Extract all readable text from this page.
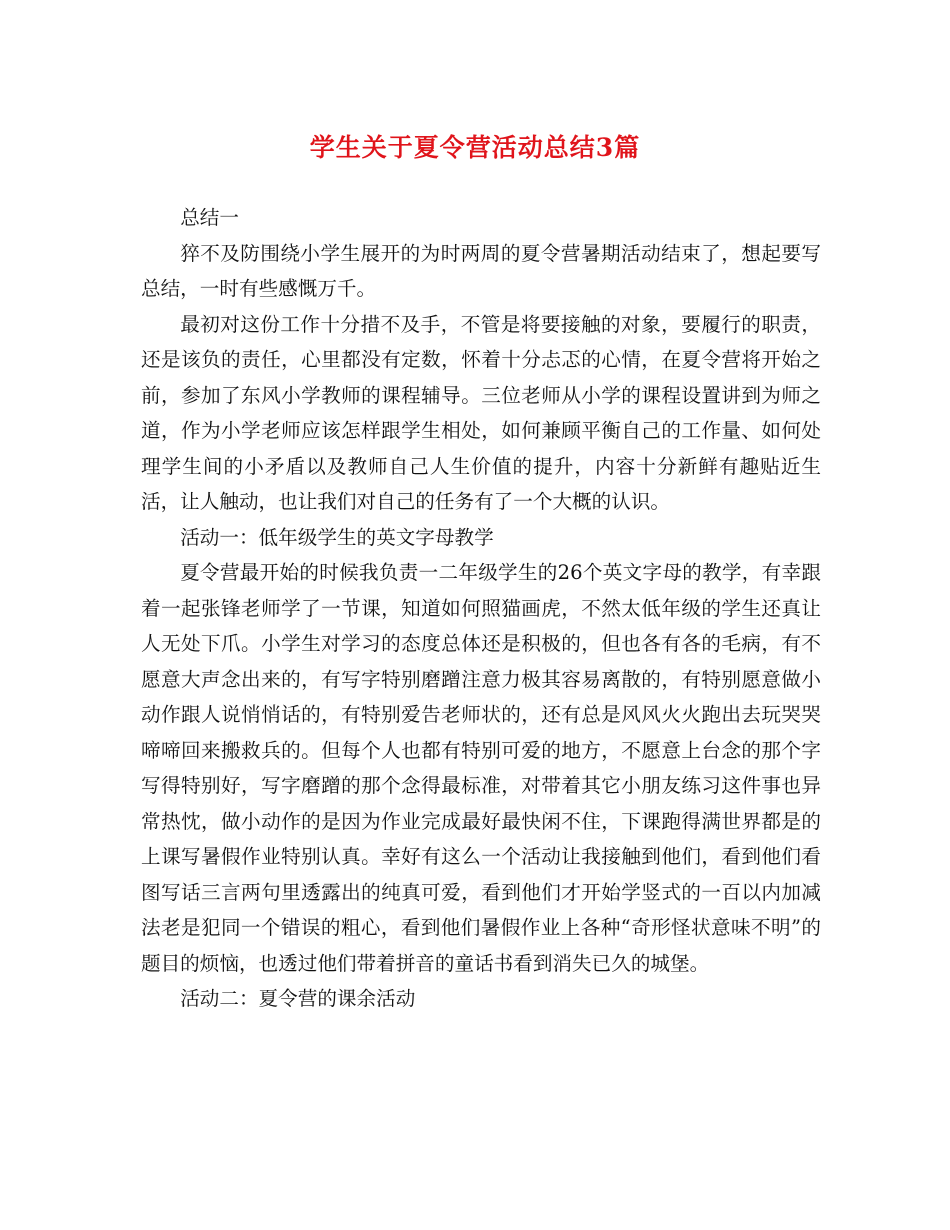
学生关于夏令营活动总结3篇

总结一

猝不及防围绕小学生展开的为时两周的夏令营暑期活动结束了，想起要写总结，一时有些感慨万千。

最初对这份工作十分措不及手，不管是将要接触的对象，要履行的职责，还是该负的责任，心里都没有定数，怀着十分忐忑的心情，在夏令营将开始之前，参加了东风小学教师的课程辅导。三位老师从小学的课程设置讲到为师之道，作为小学老师应该怎样跟学生相处，如何兼顾平衡自己的工作量、如何处理学生间的小矛盾以及教师自己人生价值的提升，内容十分新鲜有趣贴近生活，让人触动，也让我们对自己的任务有了一个大概的认识。

活动一：低年级学生的英文字母教学

夏令营最开始的时候我负责一二年级学生的26个英文字母的教学，有幸跟着一起张锋老师学了一节课，知道如何照猫画虎，不然太低年级的学生还真让人无处下爪。小学生对学习的态度总体还是积极的，但也各有各的毛病，有不愿意大声念出来的，有写字特别磨蹭注意力极其容易离散的，有特别愿意做小动作跟人说悄悄话的，有特别爱告老师状的，还有总是风风火火跑出去玩哭哭啼啼回来搬救兵的。但每个人也都有特别可爱的地方，不愿意上台念的那个字写得特别好，写字磨蹭的那个念得最标准，对带着其它小朋友练习这件事也异常热忱，做小动作的是因为作业完成最好最快闲不住，下课跑得满世界都是的上课写暑假作业特别认真。幸好有这么一个活动让我接触到他们，看到他们看图写话三言两句里透露出的纯真可爱，看到他们才开始学竖式的一百以内加减法老是犯同一个错误的粗心，看到他们暑假作业上各种“奇形怪状意味不明”的题目的烦恼，也透过他们带着拼音的童话书看到消失已久的城堡。

活动二：夏令营的课余活动
